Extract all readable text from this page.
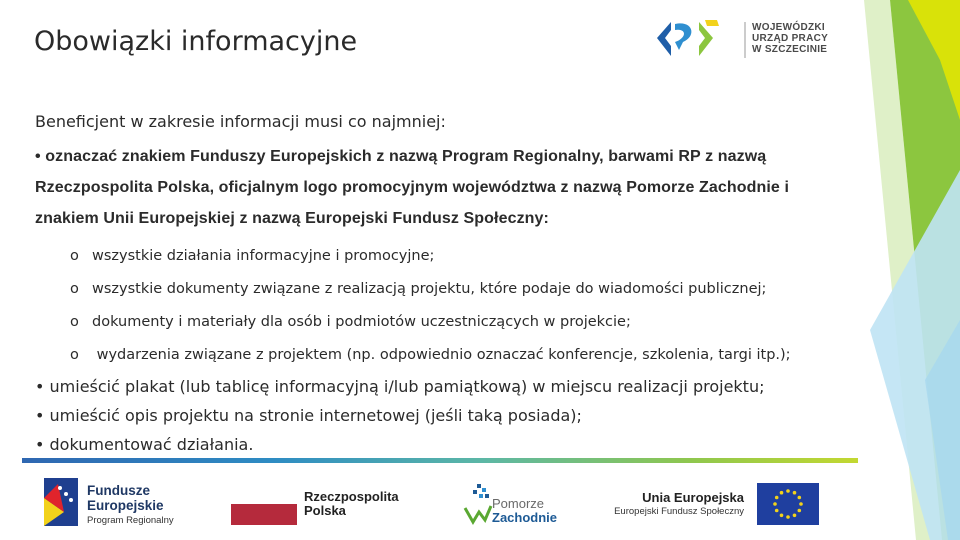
WOJEWÓDZKI
URZĄD PRACY
W SZCZECINIE
Obowiązki informacyjne
Beneficjent w zakresie informacji musi co najmniej:
• oznaczać znakiem Funduszy Europejskich z nazwą Program Regionalny, barwami RP z nazwą Rzeczpospolita Polska, oficjalnym logo promocyjnym województwa z nazwą Pomorze Zachodnie i znakiem Unii Europejskiej z nazwą Europejski Fundusz Społeczny:
o wszystkie działania informacyjne i promocyjne;
o wszystkie dokumenty związane z realizacją projektu, które podaje do wiadomości publicznej;
o dokumenty i materiały dla osób i podmiotów uczestniczących w projekcie;
o wydarzenia związane z projektem (np. odpowiednio oznaczać konferencje, szkolenia, targi itp.);
• umieścić plakat (lub tablicę informacyjną i/lub pamiątkową) w miejscu realizacji projektu;
• umieścić opis projektu na stronie internetowej (jeśli taką posiada);
• dokumentować działania.
Fundusze
Europejskie
Program Regionalny
Rzeczpospolita
Polska	Pomorze
Zachodnie
Unia Europejska
Europejski Fundusz Społeczny
